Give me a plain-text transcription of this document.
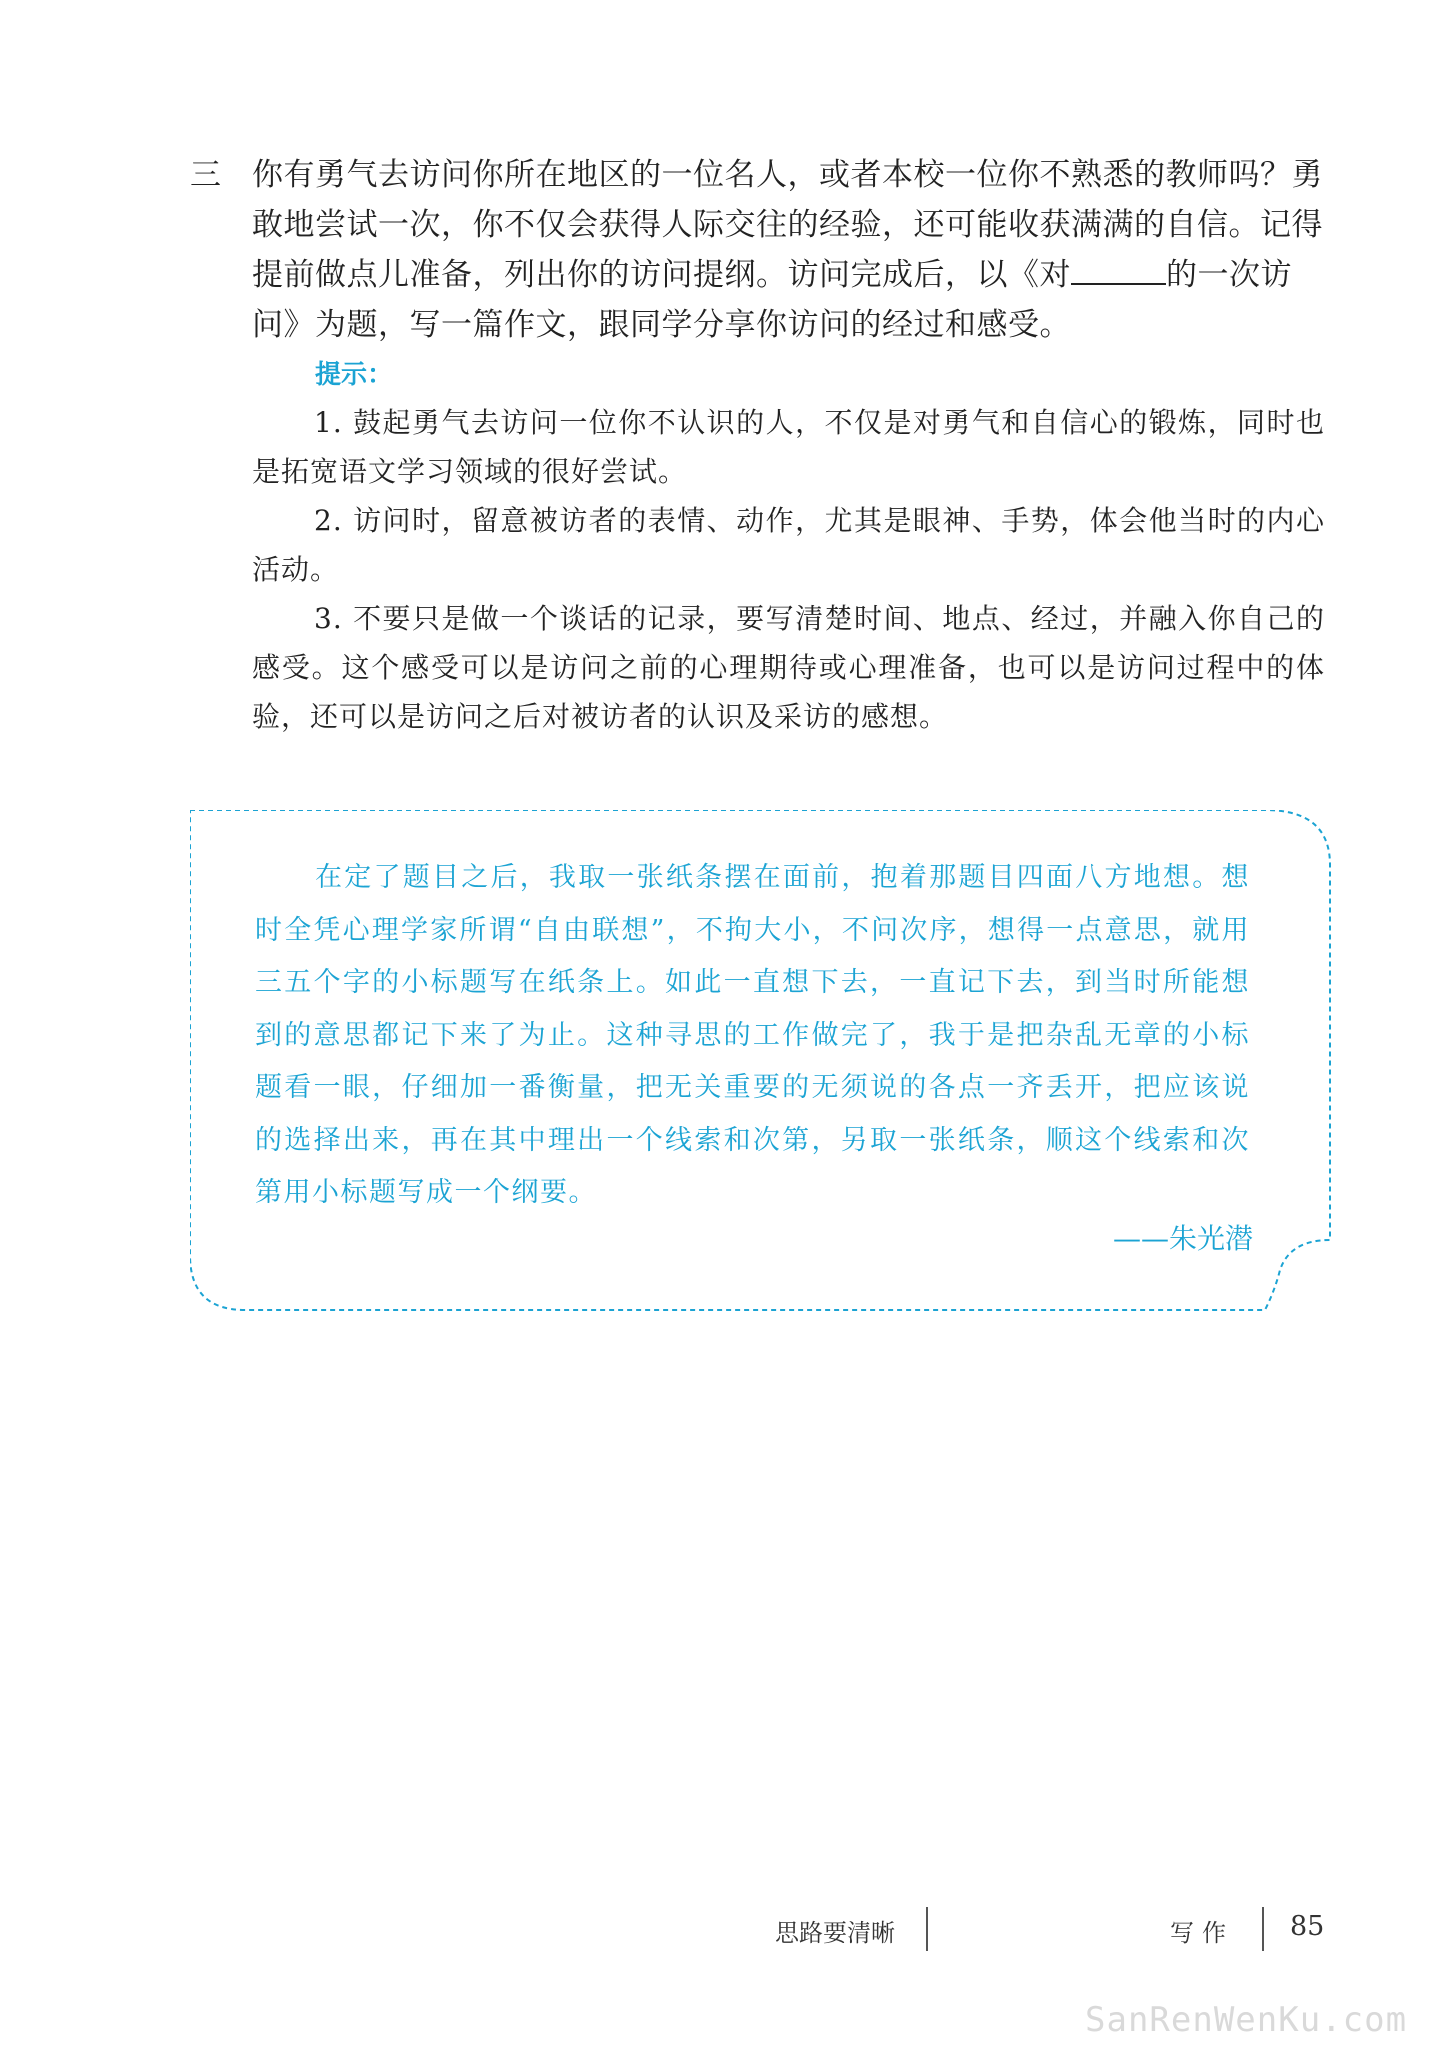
三 你有勇气去访问你所在地区的一位名人，或者本校一位你不熟悉的教师吗？勇敢地尝试一次，你不仅会获得人际交往的经验，还可能收获满满的自信。记得提前做点儿准备，列出你的访问提纲。访问完成后，以《对	的一次访问》为题，写一篇作文，跟同学分享你访问的经过和感受。
提示：
1. 鼓起勇气去访问一位你不认识的人，不仅是对勇气和自信心的锻炼，同时也是拓宽语文学习领域的很好尝试。
2. 访问时，留意被访者的表情、动作，尤其是眼神、手势，体会他当时的内心活动。
3. 不要只是做一个谈话的记录，要写清楚时间、地点、经过，并融入你自己的感受。这个感受可以是访问之前的心理期待或心理准备，也可以是访问过程中的体验，还可以是访问之后对被访者的认识及采访的感想。
在定了题目之后，我取一张纸条摆在面前，抱着那题目四面八方地想。想时全凭心理学家所谓“自由联想”，不拘大小，不问次序，想得一点意思，就用三五个字的小标题写在纸条上。如此一直想下去，一直记下去，到当时所能想到的意思都记下来了为止。这种寻思的工作做完了，我于是把杂乱无章的小标题看一眼，仔细加一番衡量，把无关重要的无须说的各点一齐丢开，把应该说的选择出来，再在其中理出一个线索和次第，另取一张纸条，顺这个线索和次第用小标题写成一个纲要。
——朱光潜
思路要清晰	写作 85
SanRenWenKu.com
